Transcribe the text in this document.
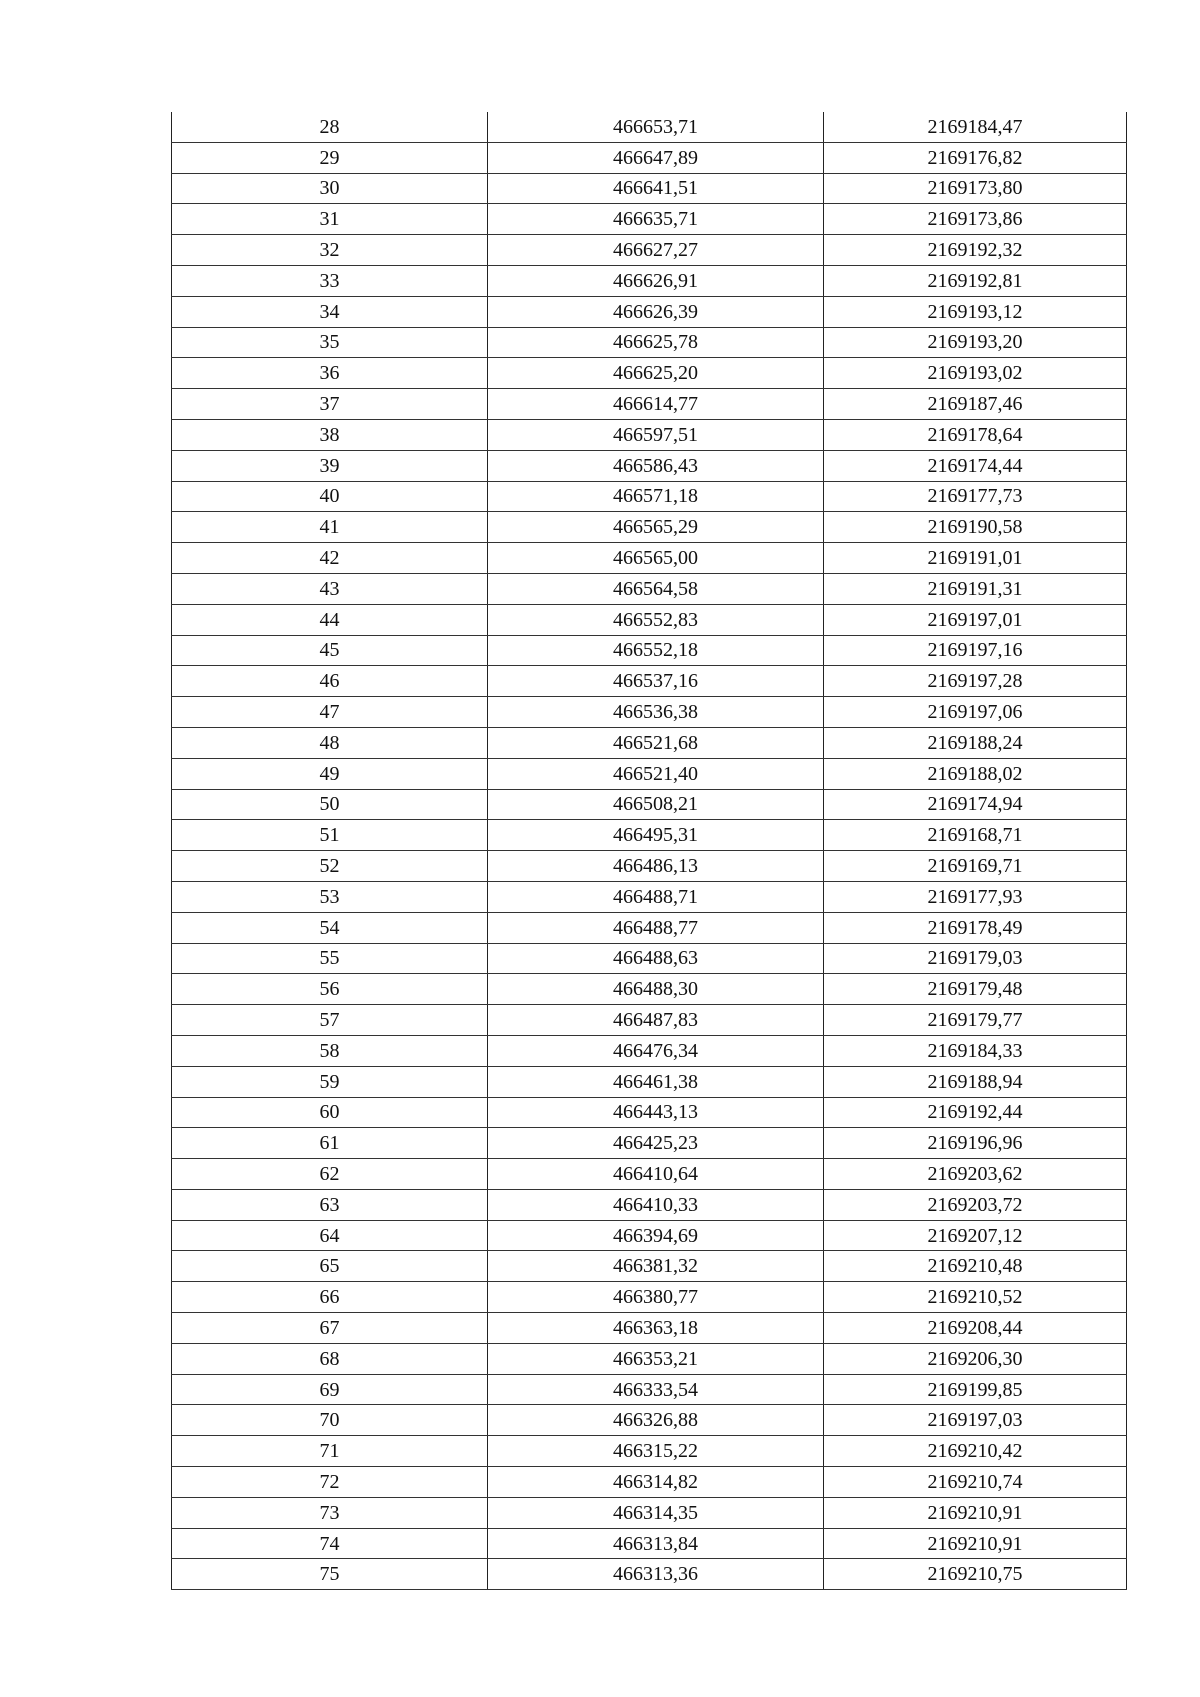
28	466653,71	2169184,47
29	466647,89	2169176,82
30	466641,51	2169173,80
31	466635,71	2169173,86
32	466627,27	2169192,32
33	466626,91	2169192,81
34	466626,39	2169193,12
35	466625,78	2169193,20
36	466625,20	2169193,02
37	466614,77	2169187,46
38	466597,51	2169178,64
39	466586,43	2169174,44
40	466571,18	2169177,73
41	466565,29	2169190,58
42	466565,00	2169191,01
43	466564,58	2169191,31
44	466552,83	2169197,01
45	466552,18	2169197,16
46	466537,16	2169197,28
47	466536,38	2169197,06
48	466521,68	2169188,24
49	466521,40	2169188,02
50	466508,21	2169174,94
51	466495,31	2169168,71
52	466486,13	2169169,71
53	466488,71	2169177,93
54	466488,77	2169178,49
55	466488,63	2169179,03
56	466488,30	2169179,48
57	466487,83	2169179,77
58	466476,34	2169184,33
59	466461,38	2169188,94
60	466443,13	2169192,44
61	466425,23	2169196,96
62	466410,64	2169203,62
63	466410,33	2169203,72
64	466394,69	2169207,12
65	466381,32	2169210,48
66	466380,77	2169210,52
67	466363,18	2169208,44
68	466353,21	2169206,30
69	466333,54	2169199,85
70	466326,88	2169197,03
71	466315,22	2169210,42
72	466314,82	2169210,74
73	466314,35	2169210,91
74	466313,84	2169210,91
75	466313,36	2169210,75
